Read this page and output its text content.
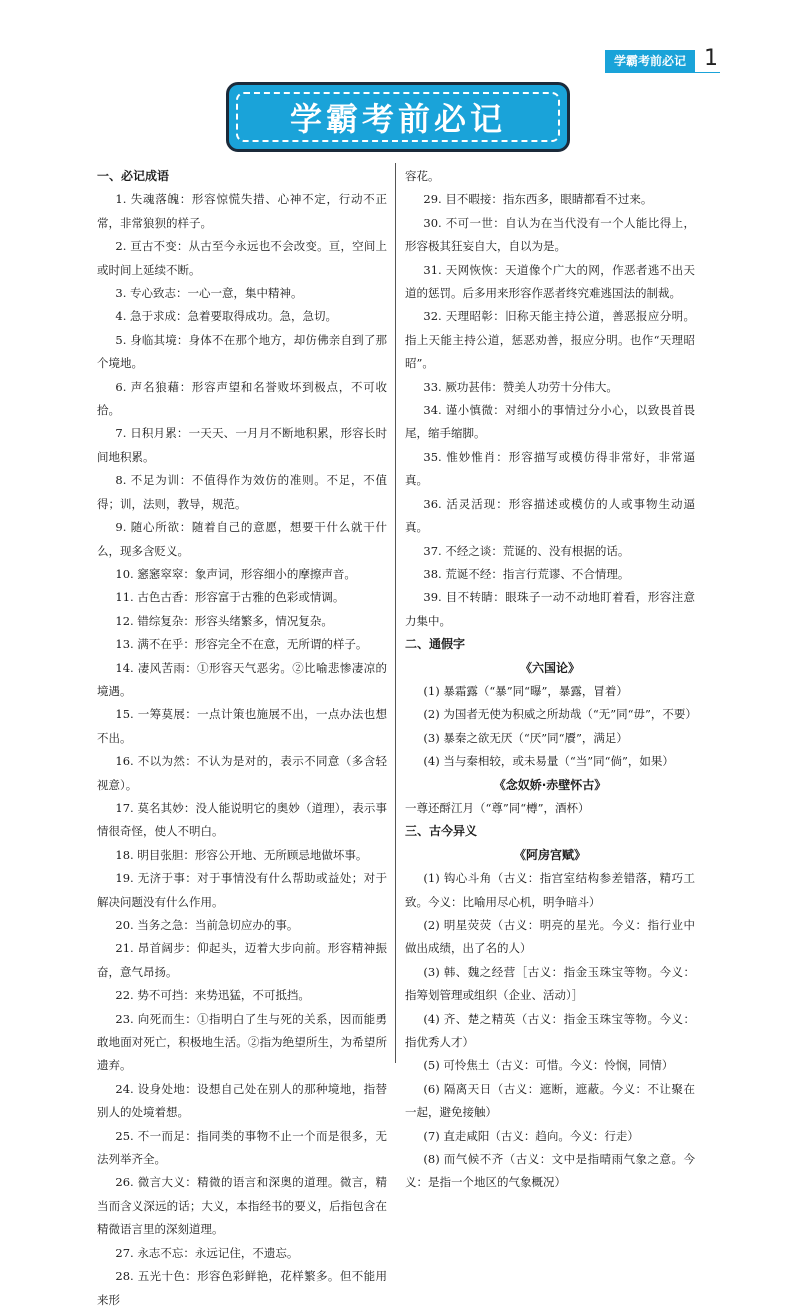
学霸考前必记 1
学霸考前必记

一、必记成语

1. 失魂落魄：形容惊慌失措、心神不定，行动不正常，非常狼狈的样子。

2. 亘古不变：从古至今永远也不会改变。亘，空间上或时间上延续不断。

3. 专心致志：一心一意，集中精神。

4. 急于求成：急着要取得成功。急，急切。

5. 身临其境：身体不在那个地方，却仿佛亲自到了那个境地。

6. 声名狼藉：形容声望和名誉败坏到极点，不可收拾。

7. 日积月累：一天天、一月月不断地积累，形容长时间地积累。

8. 不足为训：不值得作为效仿的准则。不足，不值得；训，法则，教导，规范。

9. 随心所欲：随着自己的意愿，想要干什么就干什么，现多含贬义。

10. 窸窸窣窣：象声词，形容细小的摩擦声音。

11. 古色古香：形容富于古雅的色彩或情调。

12. 错综复杂：形容头绪繁多，情况复杂。

13. 满不在乎：形容完全不在意，无所谓的样子。

14. 凄风苦雨：①形容天气恶劣。②比喻悲惨凄凉的境遇。

15. 一筹莫展：一点计策也施展不出，一点办法也想不出。

16. 不以为然：不认为是对的，表示不同意（多含轻视意）。

17. 莫名其妙：没人能说明它的奥妙（道理），表示事情很奇怪，使人不明白。

18. 明目张胆：形容公开地、无所顾忌地做坏事。

19. 无济于事：对于事情没有什么帮助或益处；对于解决问题没有什么作用。

20. 当务之急：当前急切应办的事。

21. 昂首阔步：仰起头，迈着大步向前。形容精神振奋，意气昂扬。

22. 势不可挡：来势迅猛，不可抵挡。

23. 向死而生：①指明白了生与死的关系，因而能勇敢地面对死亡，积极地生活。②指为绝望所生，为希望所遗弃。

24. 设身处地：设想自己处在别人的那种境地，指替别人的处境着想。

25. 不一而足：指同类的事物不止一个而是很多，无法列举齐全。

26. 微言大义：精微的语言和深奥的道理。微言，精当而含义深远的话；大义，本指经书的要义，后指包含在精微语言里的深刻道理。

27. 永志不忘：永远记住，不遗忘。

28. 五光十色：形容色彩鲜艳，花样繁多。但不能用来形

容花。

29. 目不暇接：指东西多，眼睛都看不过来。

30. 不可一世：自认为在当代没有一个人能比得上，形容极其狂妄自大，自以为是。

31. 天网恢恢：天道像个广大的网，作恶者逃不出天道的惩罚。后多用来形容作恶者终究难逃国法的制裁。

32. 天理昭彰：旧称天能主持公道，善恶报应分明。指上天能主持公道，惩恶劝善，报应分明。也作“天理昭昭”。

33. 厥功甚伟：赞美人功劳十分伟大。

34. 谨小慎微：对细小的事情过分小心，以致畏首畏尾，缩手缩脚。

35. 惟妙惟肖：形容描写或模仿得非常好，非常逼真。

36. 活灵活现：形容描述或模仿的人或事物生动逼真。

37. 不经之谈：荒诞的、没有根据的话。

38. 荒诞不经：指言行荒谬、不合情理。

39. 目不转睛：眼珠子一动不动地盯着看，形容注意力集中。

二、通假字

《六国论》

(1) 暴霜露（“暴”同“曝”，暴露，冒着）

(2) 为国者无使为积威之所劫哉（“无”同“毋”，不要）

(3) 暴秦之欲无厌（“厌”同“餍”，满足）

(4) 当与秦相较，或未易量（“当”同“倘”，如果）

《念奴娇·赤壁怀古》

一尊还酹江月（“尊”同“樽”，酒杯）

三、古今异义

《阿房宫赋》

(1) 钩心斗角（古义：指宫室结构参差错落，精巧工致。今义：比喻用尽心机，明争暗斗）

(2) 明星荧荧（古义：明亮的星光。今义：指行业中做出成绩，出了名的人）

(3) 韩、魏之经营［古义：指金玉珠宝等物。今义：指筹划管理或组织（企业、活动）］

(4) 齐、楚之精英（古义：指金玉珠宝等物。今义：指优秀人才）

(5) 可怜焦土（古义：可惜。今义：怜悯，同情）

(6) 隔离天日（古义：遮断，遮蔽。今义：不让聚在一起，避免接触）

(7) 直走咸阳（古义：趋向。今义：行走）

(8) 而气候不齐（古义：文中是指晴雨气象之意。今义：是指一个地区的气象概况）
